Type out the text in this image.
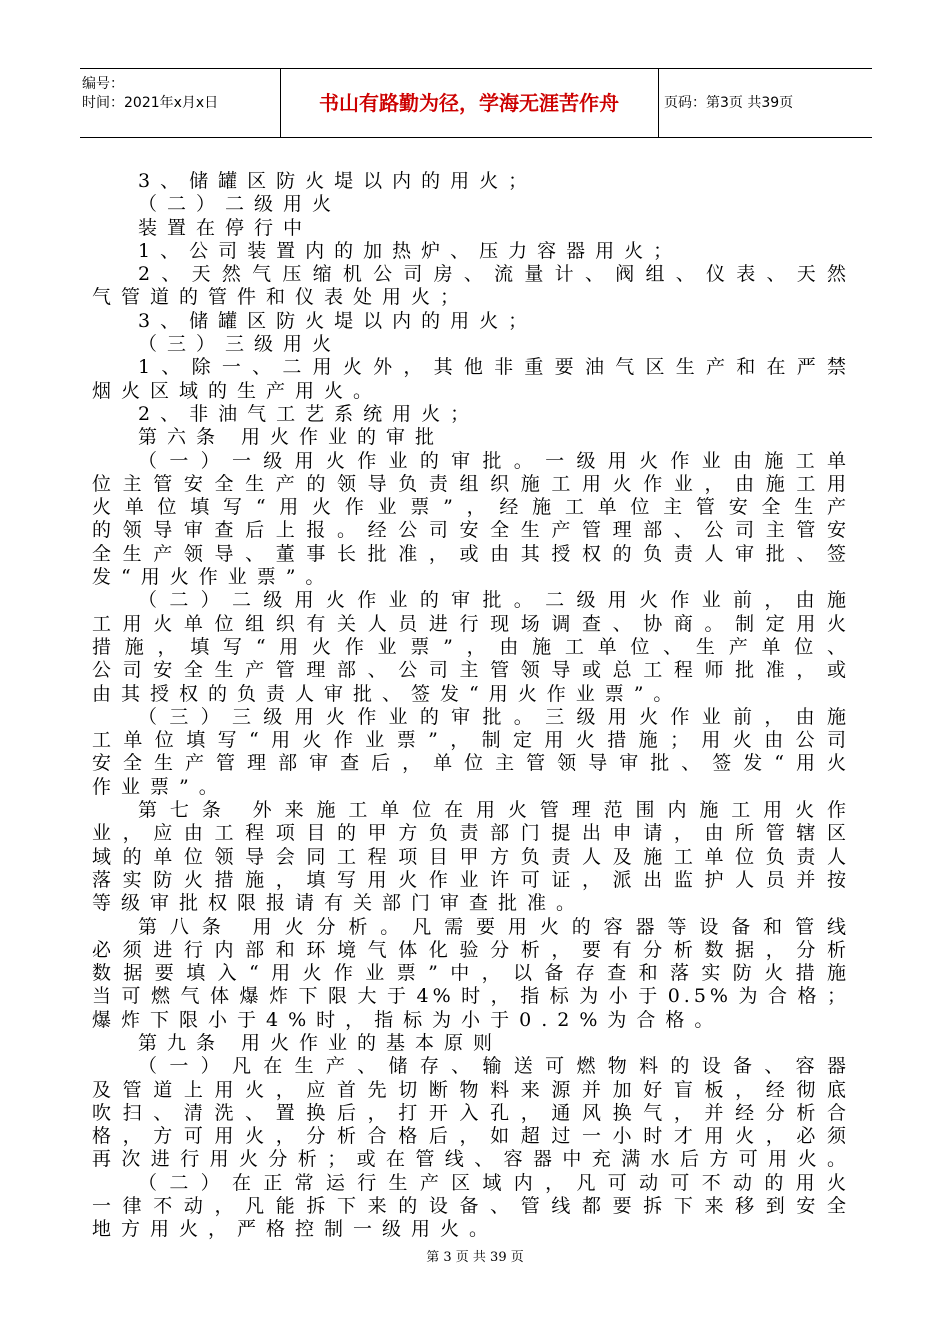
编号：
时间：2021年x月x日	书山有路勤为径，学海无涯苦作舟	页码：第3页 共39页
3、储罐区防火堤以内的用火；
（二）二级用火
装置在停行中
1、公司装置内的加热炉、压力容器用火；
2、天然气压缩机公司房、流量计、阀组、仪表、天然
气管道的管件和仪表处用火；
3、储罐区防火堤以内的用火；
（三）三级用火
1、除一、二用火外，其他非重要油气区生产和在严禁
烟火区域的生产用火。
2、非油气工艺系统用火；
第六条 用火作业的审批
（一）一级用火作业的审批。一级用火作业由施工单
位主管安全生产的领导负责组织施工用火作业，由施工用
火单位填写“用火作业票”，经施工单位主管安全生产
的领导审查后上报。经公司安全生产管理部、公司主管安
全生产领导、董事长批准，或由其授权的负责人审批、签
发“用火作业票”。
（二）二级用火作业的审批。二级用火作业前，由施
工用火单位组织有关人员进行现场调查、协商。制定用火
措施，填写“用火作业票”，由施工单位、生产单位、
公司安全生产管理部、公司主管领导或总工程师批准，或
由其授权的负责人审批、签发“用火作业票”。
（三）三级用火作业的审批。三级用火作业前，由施
工单位填写“用火作业票”，制定用火措施；用火由公司
安全生产管理部审查后，单位主管领导审批、签发“用火
作业票”。
第七条 外来施工单位在用火管理范围内施工用火作
业，应由工程项目的甲方负责部门提出申请，由所管辖区
域的单位领导会同工程项目甲方负责人及施工单位负责人
落实防火措施，填写用火作业许可证，派出监护人员并按
等级审批权限报请有关部门审查批准。
第八条 用火分析。凡需要用火的容器等设备和管线
必须进行内部和环境气体化验分析，要有分析数据，分析
数据要填入“用火作业票”中，以备存查和落实防火措施
当可燃气体爆炸下限大于4%时，指标为小于0.5%为合格；
爆炸下限小于4%时，指标为小于0.2%为合格。
第九条 用火作业的基本原则
（一）凡在生产、储存、输送可燃物料的设备、容器
及管道上用火，应首先切断物料来源并加好盲板，经彻底
吹扫、清洗、置换后，打开入孔，通风换气，并经分析合
格，方可用火，分析合格后，如超过一小时才用火，必须
再次进行用火分析；或在管线、容器中充满水后方可用火。
（二）在正常运行生产区域内，凡可动可不动的用火
一律不动，凡能拆下来的设备、管线都要拆下来移到安全
地方用火，严格控制一级用火。
第 3 页 共 39 页
